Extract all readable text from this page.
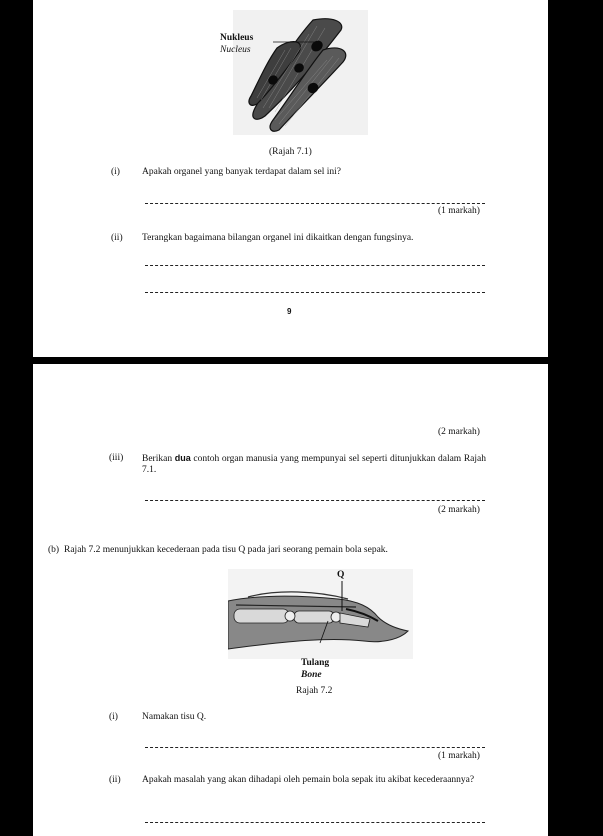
Nukleus
Nucleus
(Rajah 7.1)
(i) Apakah organel yang banyak terdapat dalam sel ini?
(1 markah)
(ii) Terangkan bagaimana bilangan organel ini dikaitkan dengan fungsinya.
9
(2 markah)
(iii) Berikan dua contoh organ manusia yang mempunyai sel seperti ditunjukkan dalam Rajah 7.1.
(2 markah)
(b) Rajah 7.2 menunjukkan kecederaan pada tisu Q pada jari seorang pemain bola sepak.
Q
Tulang
Bone
Rajah 7.2
(i)	Namakan tisu Q.
(1 markah)
(ii) Apakah masalah yang akan dihadapi oleh pemain bola sepak itu akibat kecederaannya?
